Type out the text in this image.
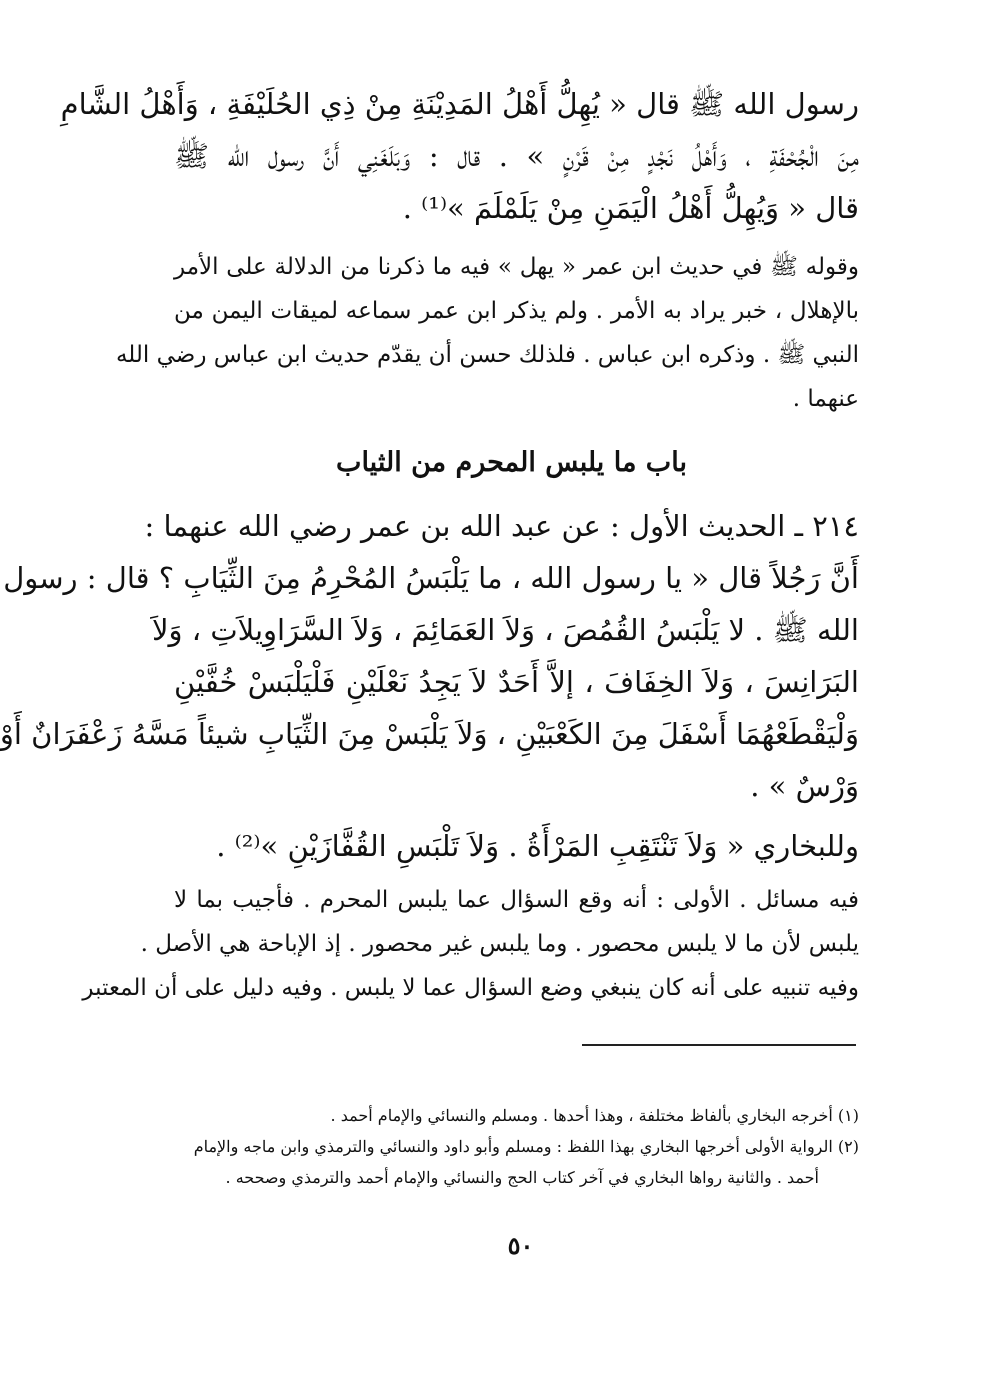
رسول الله ﷺ قال « يُهِلُّ أَهْلُ المَدِيْنَةِ مِنْ ذِي الحُلَيْفَةِ ، وَأَهْلُ الشَّامِ
مِنَ الْجُحْفَةِ ، وَأَهْلُ نَجْدٍ مِنْ قَرْنٍ » . قال : وَبَلَغَنِي أَنَّ رسول الله ﷺ
قال « وَيُهِلُّ أَهْلُ الْيَمَنِ مِنْ يَلَمْلَمَ »⁽¹⁾ .
وقوله ﷺ في حديث ابن عمر « يهل » فيه ما ذكرنا من الدلالة على الأمر
بالإهلال ، خبر يراد به الأمر . ولم يذكر ابن عمر سماعه لميقات اليمن من
النبي ﷺ . وذكره ابن عباس . فلذلك حسن أن يقدّم حديث ابن عباس رضي الله
عنهما .
باب ما يلبس المحرم من الثياب
٢١٤ ـ الحديث الأول : عن عبد الله بن عمر رضي الله عنهما :
أَنَّ رَجُلاً قال « يا رسول الله ، ما يَلْبَسُ المُحْرِمُ مِنَ الثِّيَابِ ؟ قال : رسول
الله ﷺ . لا يَلْبَسُ القُمُصَ ، وَلاَ العَمَائِمَ ، وَلاَ السَّرَاوِيلاَتِ ، وَلاَ
البَرَانِسَ ، وَلاَ الخِفَافَ ، إلاَّ أَحَدٌ لاَ يَجِدُ نَعْلَيْنِ فَلْيَلْبَسْ خُفَّيْنِ
وَلْيَقْطَعْهُمَا أَسْفَلَ مِنَ الكَعْبَيْنِ ، وَلاَ يَلْبَسْ مِنَ الثِّيَابِ شيئاً مَسَّهُ زَعْفَرَانٌ أَوْ
وَرْسٌ » .
وللبخاري « وَلاَ تَنْتَقِبِ المَرْأَةُ . وَلاَ تَلْبَسِ القُفَّازَيْنِ »⁽²⁾ .
فيه مسائل . الأولى : أنه وقع السؤال عما يلبس المحرم . فأجيب بما لا
يلبس لأن ما لا يلبس محصور . وما يلبس غير محصور . إذ الإباحة هي الأصل .
وفيه تنبيه على أنه كان ينبغي وضع السؤال عما لا يلبس . وفيه دليل على أن المعتبر
(١) أخرجه البخاري بألفاظ مختلفة ، وهذا أحدها . ومسلم والنسائي والإمام أحمد .
(٢) الرواية الأولى أخرجها البخاري بهذا اللفظ : ومسلم وأبو داود والنسائي والترمذي وابن ماجه والإمام
أحمد . والثانية رواها البخاري في آخر كتاب الحج والنسائي والإمام أحمد والترمذي وصححه .
٥٠
